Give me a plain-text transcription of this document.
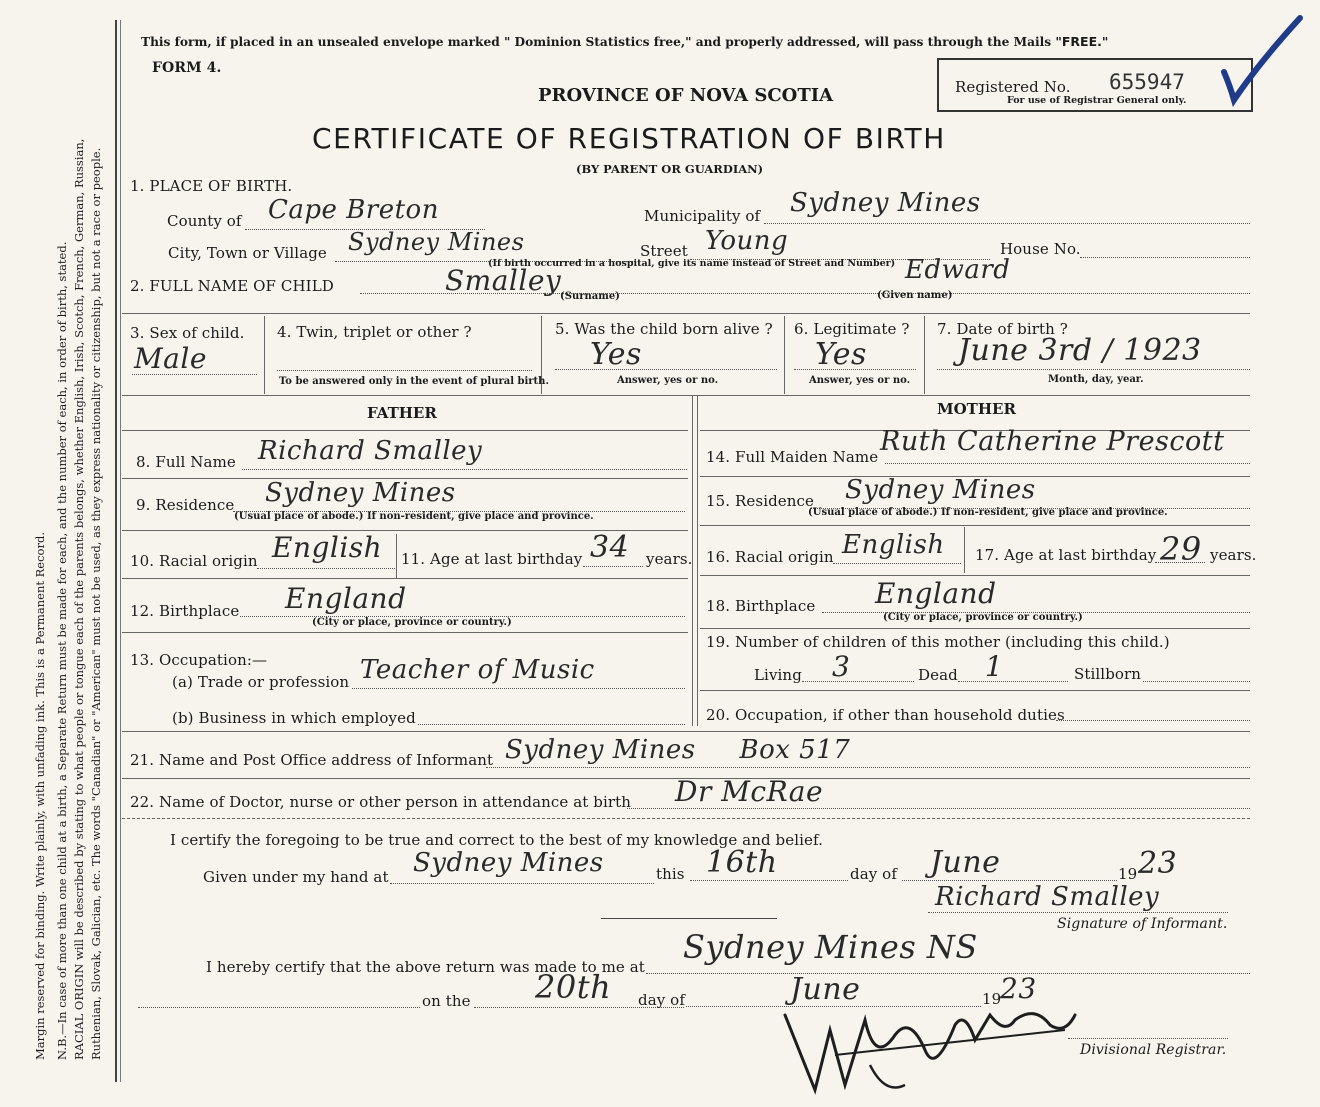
Margin reserved for binding. Write plainly, with unfading ink. This is a Permanent Record. N.B.—In case of more than one child at a birth, a Separate Return must be made for each, and the number of each, in order of birth, stated. RACIAL ORIGIN will be described by stating to what people or tongue each of the parents belongs, whether English, Irish, Scotch, French, German, Russian, Ruthenian, Slovak, Galician, etc. The words "Canadian" or "American" must not be used, as they express nationality or citizenship, but not a race or people.
This form, if placed in an unsealed envelope marked " Dominion Statistics free," and properly addressed, will pass through the Mails "FREE."
FORM 4.
PROVINCE OF NOVA SCOTIA
CERTIFICATE OF REGISTRATION OF BIRTH
(BY PARENT OR GUARDIAN)
Registered No. 655947
For use of Registrar General only.
1. PLACE OF BIRTH.
County of Cape Breton	Municipality of Sydney Mines
City, Town or Village Sydney Mines	Street Young	House No.
(If birth occurred in a hospital, give its name instead of Street and Number)
2. FULL NAME OF CHILD	Smalley	Edward
(Surname)	(Given name)
3. Sex of child.
Male
4. Twin, triplet or other ?
To be answered only in the event of plural birth.
5. Was the child born alive ?
Yes
Answer, yes or no.
6. Legitimate ?
Yes
Answer, yes or no.
7. Date of birth ?
June 3rd / 1923
Month, day, year.
FATHER	MOTHER
8. Full Name Richard Smalley
9. Residence Sydney Mines
(Usual place of abode.) If non-resident, give place and province.
10. Racial origin English 11. Age at last birthday 34 years.
12. Birthplace England
(City or place, province or country.)
13. Occupation:—
(a) Trade or profession Teacher of Music
(b) Business in which employed
14. Full Maiden Name Ruth Catherine Prescott
15. Residence Sydney Mines
(Usual place of abode.) If non-resident, give place and province.
16. Racial origin English 17. Age at last birthday 29 years.
18. Birthplace England
(City or place, province or country.)
19. Number of children of this mother (including this child.)
Living 3	Dead 1	Stillborn
20. Occupation, if other than household duties
21. Name and Post Office address of Informant Sydney Mines     Box 517
22. Name of Doctor, nurse or other person in attendance at birth Dr McRae
I certify the foregoing to be true and correct to the best of my knowledge and belief.
Given under my hand at Sydney Mines	this 16th	day of June	19 23
Richard Smalley
Signature of Informant.
I hereby certify that the above return was made to me at
Sydney Mines NS
on the 20th day of	June	19
23
Divisional Registrar.
